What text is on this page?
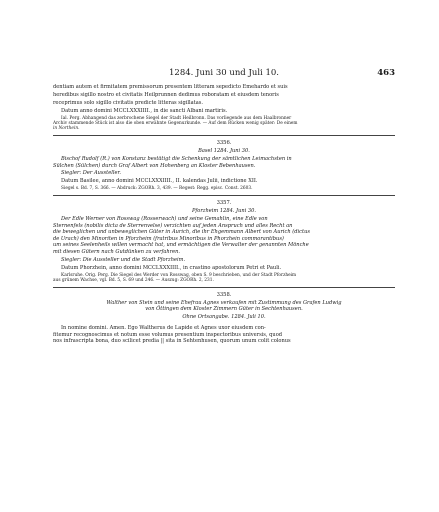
1284. Juni 30 und Juli 10.	463

dentiam autem et firmitatem premissorum presentem litteram sepedicto Emehardo et suis

heredibus sigillo nostro et civitatis Heilprunnen dedimus roboratam et eiusdem tenoris

receprimus solo sigillo civitatis predicte litteras sigillatas.

Datum anno domini MCCLXXXIIII., in die sancti Albani martiris.

Ial. Perg. Abhangend das zerbrochene Siegel der Stadt Heilbronn. Das vorliegende aus dem Haalbronner

Archiv stammende Stück ist also die oben erwähnte Gegenurkunde. — Auf dem Rücken wenig später: De einem

in Northein.

3356.

Basel 1284. Juni 30.

Bischof Rudolf (R.) von Konstanz bestätigt die Schenkung der sämtlichen Leimachsten in

Sülchen (Sülchen) durch Graf Albert von Hohenberg an Kloster Bebenhausen.

Siegler: Der Aussteller.

Datum Basilee, anno domini MCCLXXXIIII., II. kalendas Julii, indictione XII.

Siegel s. Bd. 7, S. 366. — Abdruck: ZGORh. 3, 439. — Regest: Regg. episc. Const. 2603.

3357.

Pforzheim 1284. Juni 30.

Der Edle Werner von Rosswag (Rosserwach) und seine Gemahlin, eine Edle von

Sternenfels (nobilis dicta de Sterrenvelse) verzichten auf jeden Anspruch und alles Recht an

die beweglichen und unbeweglichen Güter in Aurich, die ihr Ehgemmann Albert von Aurich (dictus

de Urach) den Minoriten in Pforzheim (fratribus Minoribus in Phorzhein commorantibus)

um seines Seelenheils willen vermacht hat, und ermächtigen die Verwalter der genannten Mönche

mit diesen Gütern nach Gutdünken zu verfahren.

Siegler: Die Aussteller und die Stadt Pforzheim.

Datum Phorzhein, anno domini MCCLXXXIIII., in crastino apostolorum Petri et Pauli.

Karlsruhe. Orig. Perg. Die Siegel des Werder von Rosswag, oben S. 9 beschrieben, und der Stadt Pforzheim

aus grünem Wachse, vgl. Bd. 5, S. 69 und 246. — Auszug: ZGORh. 2, 231.

3358.

Walther von Stein und seine Ehefrau Agnes verkaufen mit Zustimmung des Grafen Ludwig

von Öttingen dem Kloster Zimmern Güter in Sechtenhausen.

Ohne Ortsangabe. 1284. Juli 10.

In nomine domini. Amen. Ego Waltherus de Lapide et Agnes uxor eiusdem con-

fitemur recognoscimus et notum esse volumus presentium inspectoribus universis, quod

nos infrascripta bona, duo scilicet predia || sita in Sehtenhusen, quorum unum colit colonus
